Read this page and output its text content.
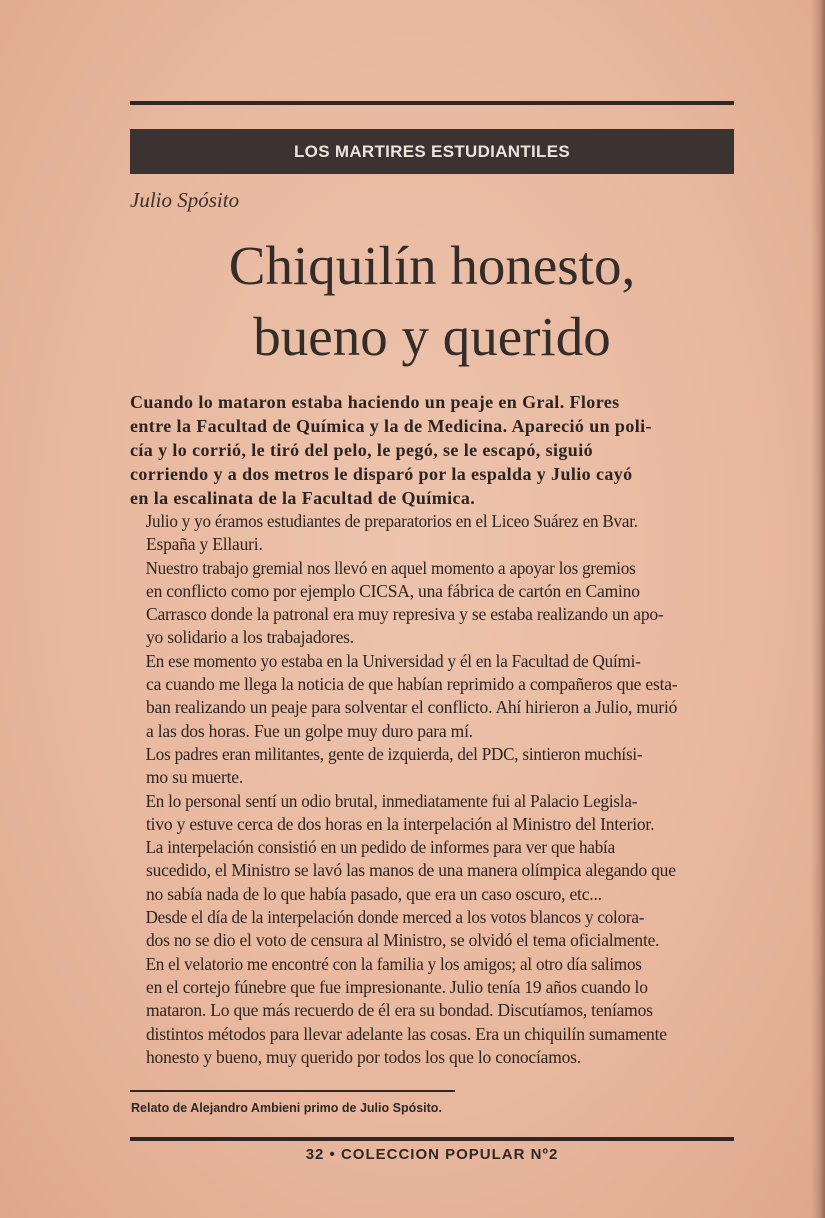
LOS MARTIRES ESTUDIANTILES
Julio Spósito
Chiquilín honesto,
bueno y querido

Cuando lo mataron estaba haciendo un peaje en Gral. Flores
entre la Facultad de Química y la de Medicina. Apareció un poli-
cía y lo corrió, le tiró del pelo, le pegó, se le escapó, siguió
corriendo y a dos metros le disparó por la espalda y Julio cayó
en la escalinata de la Facultad de Química.

Julio y yo éramos estudiantes de preparatorios en el Liceo Suárez en Bvar.
España y Ellauri.

Nuestro trabajo gremial nos llevó en aquel momento a apoyar los gremios
en conflicto como por ejemplo CICSA, una fábrica de cartón en Camino
Carrasco donde la patronal era muy represiva y se estaba realizando un apo-
yo solidario a los trabajadores.

En ese momento yo estaba en la Universidad y él en la Facultad de Quími-
ca cuando me llega la noticia de que habían reprimido a compañeros que esta-
ban realizando un peaje para solventar el conflicto. Ahí hirieron a Julio, murió
a las dos horas. Fue un golpe muy duro para mí.

Los padres eran militantes, gente de izquierda, del PDC, sintieron muchísi-
mo su muerte.

En lo personal sentí un odio brutal, inmediatamente fui al Palacio Legisla-
tivo y estuve cerca de dos horas en la interpelación al Ministro del Interior.

La interpelación consistió en un pedido de informes para ver que había
sucedido, el Ministro se lavó las manos de una manera olímpica alegando que
no sabía nada de lo que había pasado, que era un caso oscuro, etc...

Desde el día de la interpelación donde merced a los votos blancos y colora-
dos no se dio el voto de censura al Ministro, se olvidó el tema oficialmente.

En el velatorio me encontré con la familia y los amigos; al otro día salimos
en el cortejo fúnebre que fue impresionante. Julio tenía 19 años cuando lo
mataron. Lo que más recuerdo de él era su bondad. Discutíamos, teníamos
distintos métodos para llevar adelante las cosas. Era un chiquilín sumamente
honesto y bueno, muy querido por todos los que lo conocíamos.

Relato de Alejandro Ambieni primo de Julio Spósito.
32 • COLECCION POPULAR Nº2
